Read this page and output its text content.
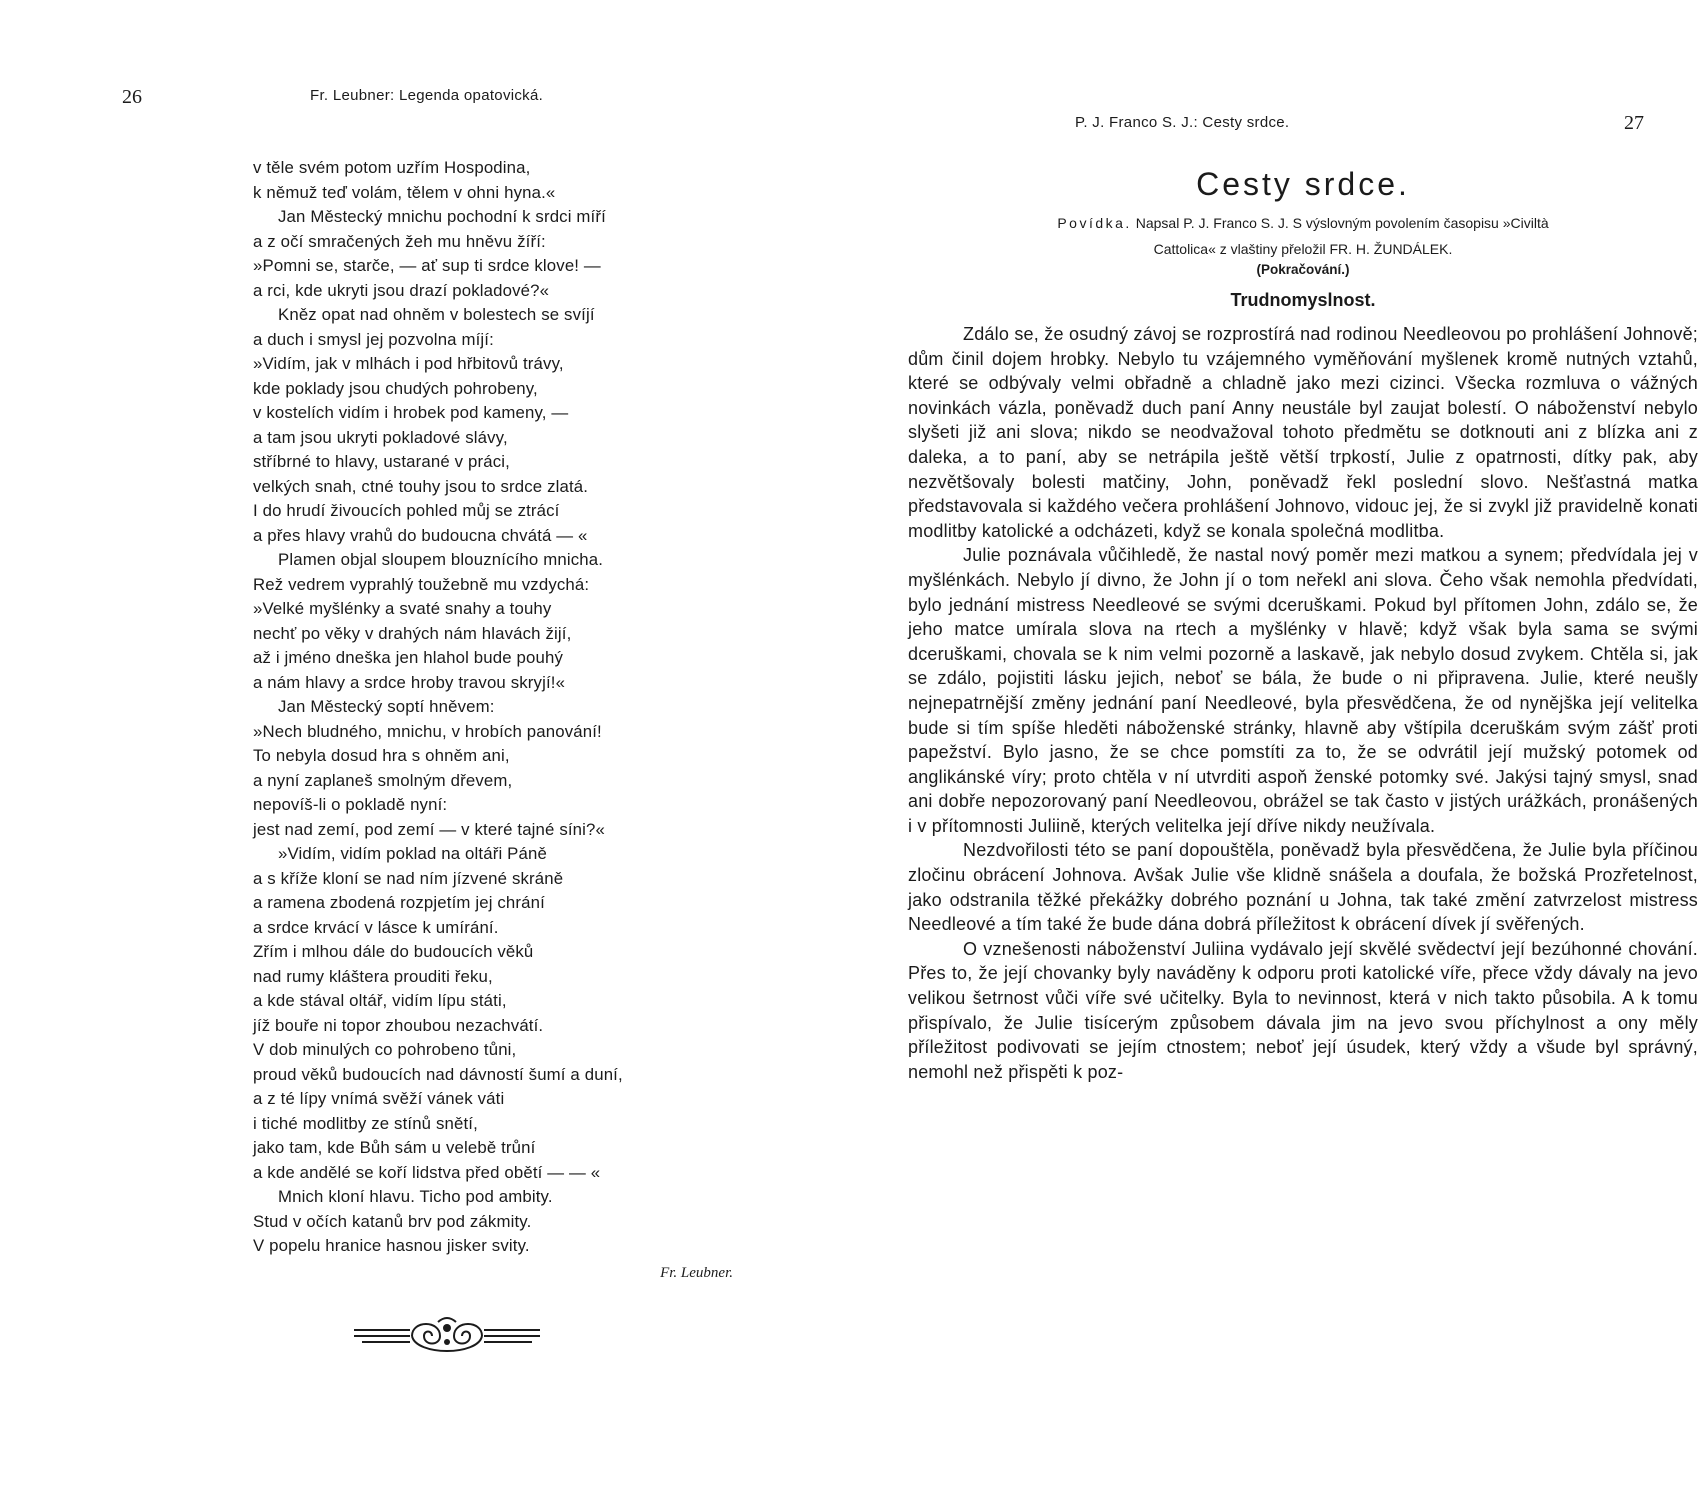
26	Fr. Leubner: Legenda opatovická.
v těle svém potom uzřím Hospodina,
k němuž teď volám, tělem v ohni hyna.«
Jan Městecký mnichu pochodní k srdci míří
a z očí smračených žeh mu hněvu žíří:
»Pomni se, starče, — ať sup ti srdce klove! —
a rci, kde ukryti jsou drazí pokladové?«
Kněz opat nad ohněm v bolestech se svíjí
a duch i smysl jej pozvolna míjí:
»Vidím, jak v mlhách i pod hřbitovů trávy,
kde poklady jsou chudých pohrobeny,
v kostelích vidím i hrobek pod kameny, —
a tam jsou ukryti pokladové slávy,
stříbrné to hlavy, ustarané v práci,
velkých snah, ctné touhy jsou to srdce zlatá.
I do hrudí živoucích pohled můj se ztrácí
a přes hlavy vrahů do budoucna chvátá — «
Plamen objal sloupem blouznícího mnicha.
Rež vedrem vyprahlý toužebně mu vzdychá:
»Velké myšlénky a svaté snahy a touhy
nechť po věky v drahých nám hlavách žijí,
až i jméno dneška jen hlahol bude pouhý
a nám hlavy a srdce hroby travou skryjí!«
Jan Městecký soptí hněvem:
»Nech bludného, mnichu, v hrobích panování!
To nebyla dosud hra s ohněm ani,
a nyní zaplaneš smolným dřevem,
nepovíš-li o pokladě nyní:
jest nad zemí, pod zemí — v které tajné síni?«
»Vidím, vidím poklad na oltáři Páně
a s kříže kloní se nad ním jízvené skráně
a ramena zbodená rozpjetím jej chrání
a srdce krvácí v lásce k umírání.
Zřím i mlhou dále do budoucích věků
nad rumy kláštera prouditi řeku,
a kde stával oltář, vidím lípu státi,
jíž bouře ni topor zhoubou nezachvátí.
V dob minulých co pohrobeno tůni,
proud věků budoucích nad dávností šumí a duní,
a z té lípy vnímá svěží vánek váti
i tiché modlitby ze stínů snětí,
jako tam, kde Bůh sám u velebě trůní
a kde andělé se koří lidstva před obětí — — «
Mnich kloní hlavu. Ticho pod ambity.
Stud v očích katanů brv pod zákmity.
V popelu hranice hasnou jisker svity.
Fr. Leubner.
P. J. Franco S. J.: Cesty srdce.	27
Cesty srdce.
Povídka. Napsal P. J. Franco S. J. S výslovným povolením časopisu »Civiltà
Cattolica« z vlaštiny přeložil FR. H. ŽUNDÁLEK.
(Pokračování.)
Trudnomyslnost.

Zdálo se, že osudný závoj se rozprostírá nad rodinou Needleovou po prohlášení Johnově; dům činil dojem hrobky. Nebylo tu vzájemného vyměňování myšlenek kromě nutných vztahů, které se odbývaly velmi obřadně a chladně jako mezi cizinci. Všecka rozmluva o vážných novinkách vázla, poněvadž duch paní Anny neustále byl zaujat bolestí. O náboženství nebylo slyšeti již ani slova; nikdo se neodvažoval tohoto předmětu se dotknouti ani z blízka ani z daleka, a to paní, aby se netrápila ještě větší trpkostí, Julie z opatrnosti, dítky pak, aby nezvětšovaly bolesti matčiny, John, poněvadž řekl poslední slovo. Nešťastná matka představovala si každého večera prohlášení Johnovo, vidouc jej, že si zvykl již pravidelně konati modlitby katolické a odcházeti, když se konala společná modlitba.

Julie poznávala vůčihledě, že nastal nový poměr mezi matkou a synem; předvídala jej v myšlénkách. Nebylo jí divno, že John jí o tom neřekl ani slova. Čeho však nemohla předvídati, bylo jednání mistress Needleové se svými dceruškami. Pokud byl přítomen John, zdálo se, že jeho matce umírala slova na rtech a myšlénky v hlavě; když však byla sama se svými dceruškami, chovala se k nim velmi pozorně a laskavě, jak nebylo dosud zvykem. Chtěla si, jak se zdálo, pojistiti lásku jejich, neboť se bála, že bude o ni připravena. Julie, které neušly nejnepatrnější změny jednání paní Needleové, byla přesvědčena, že od nynějška její velitelka bude si tím spíše hleděti náboženské stránky, hlavně aby vštípila dceruškám svým zášť proti papežství. Bylo jasno, že se chce pomstíti za to, že se odvrátil její mužský potomek od anglikánské víry; proto chtěla v ní utvrditi aspoň ženské potomky své. Jakýsi tajný smysl, snad ani dobře nepozorovaný paní Needleovou, obrážel se tak často v jistých urážkách, pronášených i v přítomnosti Juliině, kterých velitelka její dříve nikdy neužívala.

Nezdvořilosti této se paní dopouštěla, poněvadž byla přesvědčena, že Julie byla příčinou zločinu obrácení Johnova. Avšak Julie vše klidně snášela a doufala, že božská Prozřetelnost, jako odstranila těžké překážky dobrého poznání u Johna, tak také změní zatvrzelost mistress Needleové a tím také že bude dána dobrá příležitost k obrácení dívek jí svěřených.

O vznešenosti náboženství Juliina vydávalo její skvělé svědectví její bezúhonné chování. Přes to, že její chovanky byly naváděny k odporu proti katolické víře, přece vždy dávaly na jevo velikou šetrnost vůči víře své učitelky. Byla to nevinnost, která v nich takto působila. A k tomu přispívalo, že Julie tisícerým způsobem dávala jim na jevo svou příchylnost a ony měly příležitost podivovati se jejím ctnostem; neboť její úsudek, který vždy a všude byl správný, nemohl než přispěti k poz-
